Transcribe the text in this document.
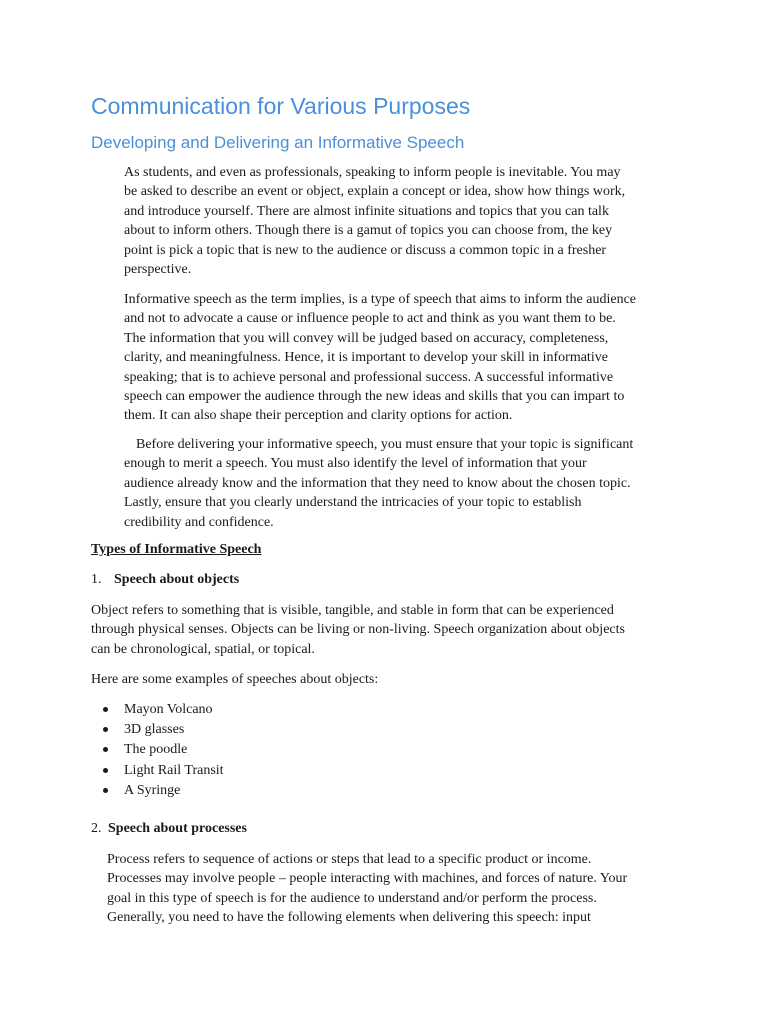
Communication for Various Purposes
Developing and Delivering an Informative Speech

As students, and even as professionals, speaking to inform people is inevitable. You may
be asked to describe an event or object, explain a concept or idea, show how things work,
and introduce yourself. There are almost infinite situations and topics that you can talk
about to inform others. Though there is a gamut of topics you can choose from, the key
point is pick a topic that is new to the audience or discuss a common topic in a fresher
perspective.

Informative speech as the term implies, is a type of speech that aims to inform the audience
and not to advocate a cause or influence people to act and think as you want them to be.
The information that you will convey will be judged based on accuracy, completeness,
clarity, and meaningfulness. Hence, it is important to develop your skill in informative
speaking; that is to achieve personal and professional success. A successful informative
speech can empower the audience through the new ideas and skills that you can impart to
them. It can also shape their perception and clarity options for action.

Before delivering your informative speech, you must ensure that your topic is significant
enough to merit a speech. You must also identify the level of information that your
audience already know and the information that they need to know about the chosen topic.
Lastly, ensure that you clearly understand the intricacies of your topic to establish
credibility and confidence.

Types of Informative Speech
1. Speech about objects

Object refers to something that is visible, tangible, and stable in form that can be experienced
through physical senses. Objects can be living or non-living. Speech organization about objects
can be chronological, spatial, or topical.

Here are some examples of speeches about objects:

Mayon Volcano
3D glasses
The poodle
Light Rail Transit
A Syringe
2. Speech about processes

Process refers to sequence of actions or steps that lead to a specific product or income.
Processes may involve people – people interacting with machines, and forces of nature. Your
goal in this type of speech is for the audience to understand and/or perform the process.
Generally, you need to have the following elements when delivering this speech: input
